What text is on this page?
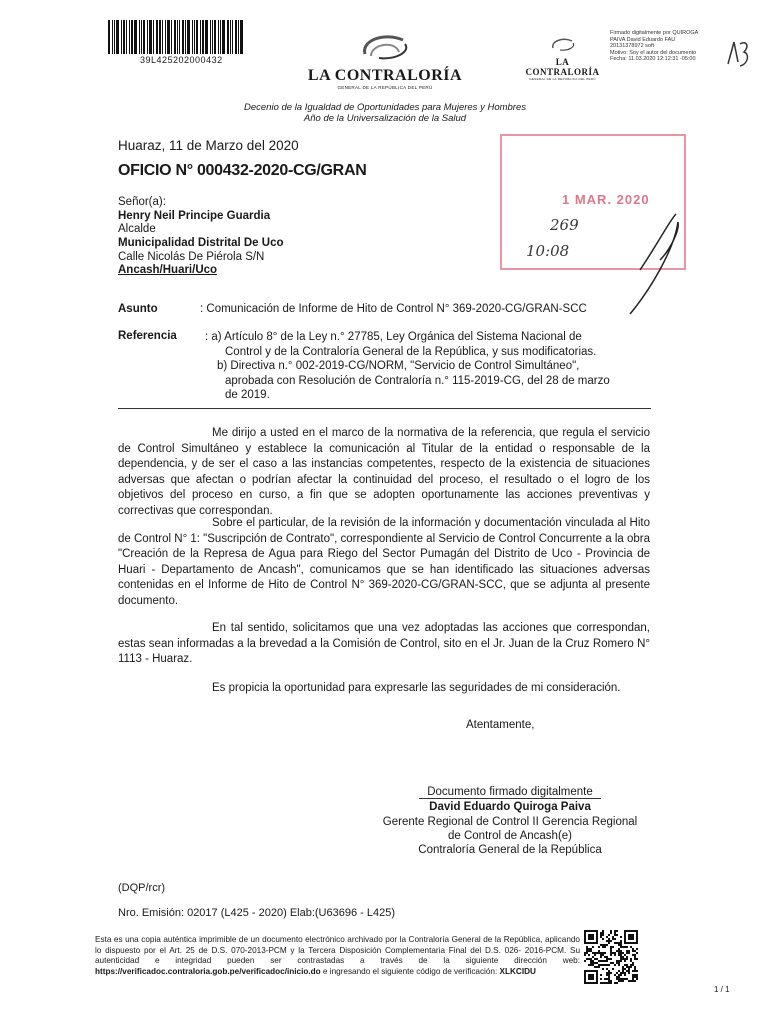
39L425202000432
LA CONTRALORÍA
GENERAL DE LA REPÚBLICA DEL PERÚ
LA CONTRALORÍA
GENERAL DE LA REPÚBLICA DEL PERÚ
Firmado digitalmente por QUIROGA
PAIVA David Eduardo FAU
20131378972 soft
Motivo: Soy el autor del documento
Fecha: 11.03.2020 12:12:31 -05:00
Decenio de la Igualdad de Oportunidades para Mujeres y Hombres
Año de la Universalización de la Salud
Huaraz, 11 de Marzo del 2020
OFICIO N° 000432-2020-CG/GRAN
Señor(a):
Henry Neil Principe Guardia
Alcalde
Municipalidad Distrital De Uco
Calle Nicolás De Piérola S/N
Ancash/Huari/Uco
1 MAR. 2020
269
10:08
Asunto	: Comunicación de Informe de Hito de Control N° 369-2020-CG/GRAN-SCC
Referencia : a) Artículo 8° de la Ley n.° 27785, Ley Orgánica del Sistema Nacional de
Control y de la Contraloría General de la República, y sus modificatorias.
b) Directiva n.° 002-2019-CG/NORM, "Servicio de Control Simultáneo",
aprobada con Resolución de Contraloría n.° 115-2019-CG, del 28 de marzo
de 2019.
Me dirijo a usted en el marco de la normativa de la referencia, que regula el servicio de Control Simultáneo y establece la comunicación al Titular de la entidad o responsable de la dependencia, y de ser el caso a las instancias competentes, respecto de la existencia de situaciones adversas que afectan o podrían afectar la continuidad del proceso, el resultado o el logro de los objetivos del proceso en curso, a fin que se adopten oportunamente las acciones preventivas y correctivas que correspondan.
Sobre el particular, de la revisión de la información y documentación vinculada al Hito de Control N° 1: "Suscripción de Contrato", correspondiente al Servicio de Control Concurrente a la obra "Creación de la Represa de Agua para Riego del Sector Pumagán del Distrito de Uco - Provincia de Huari - Departamento de Ancash", comunicamos que se han identificado las situaciones adversas contenidas en el Informe de Hito de Control N° 369-2020-CG/GRAN-SCC, que se adjunta al presente documento.
En tal sentido, solicitamos que una vez adoptadas las acciones que correspondan, estas sean informadas a la brevedad a la Comisión de Control, sito en el Jr. Juan de la Cruz Romero N° 1113 - Huaraz.
Es propicia la oportunidad para expresarle las seguridades de mi consideración.
Atentamente,
Documento firmado digitalmente
David Eduardo Quiroga Paiva
Gerente Regional de Control II Gerencia Regional
de Control de Ancash(e)
Contraloría General de la República
(DQP/rcr)
Nro. Emisión: 02017 (L425 - 2020) Elab:(U63696 - L425)
Esta es una copia auténtica imprimible de un documento electrónico archivado por la Contraloría General de la República, aplicando lo dispuesto por el Art. 25 de D.S. 070-2013-PCM y la Tercera Disposición Complementaria Final del D.S. 026- 2016-PCM. Su autenticidad e integridad pueden ser contrastadas a través de la siguiente dirección web: https://verificadoc.contraloria.gob.pe/verificadoc/inicio.do e ingresando el siguiente código de verificación: XLKCIDU
1 / 1
